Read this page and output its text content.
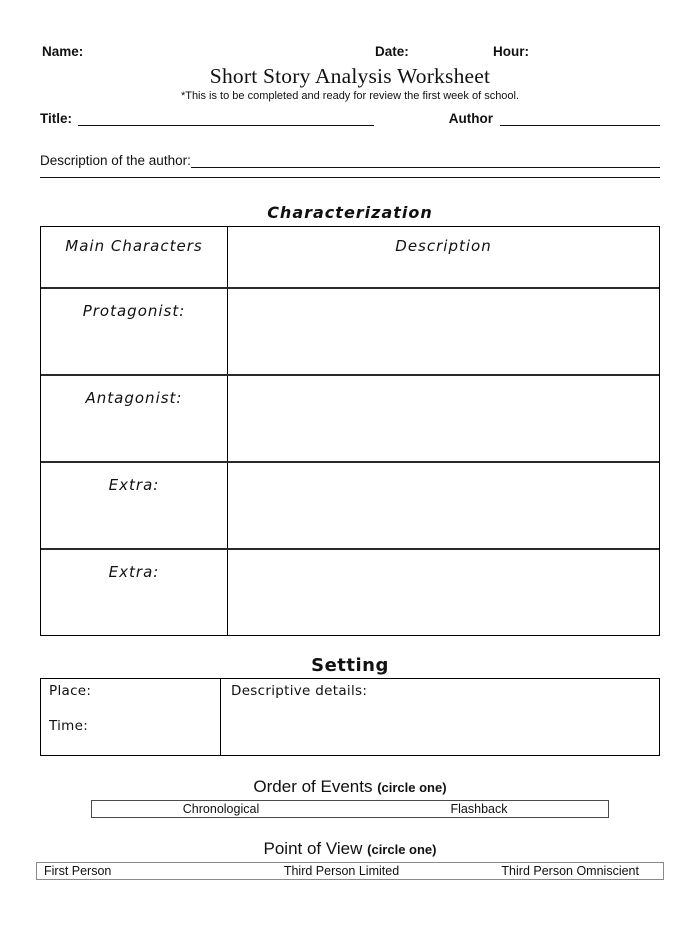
Name:	Date:	Hour:
Short Story Analysis Worksheet
*This is to be completed and ready for review the first week of school.
Title:	Author
Description of the author:
Characterization
Main Characters	Description
Protagonist:
Antagonist:
Extra:
Extra:
Setting
Place:
Time:
Descriptive details:
Order of Events (circle one)
Chronological	Flashback
Point of View (circle one)
First Person	Third Person Limited	Third Person Omniscient
